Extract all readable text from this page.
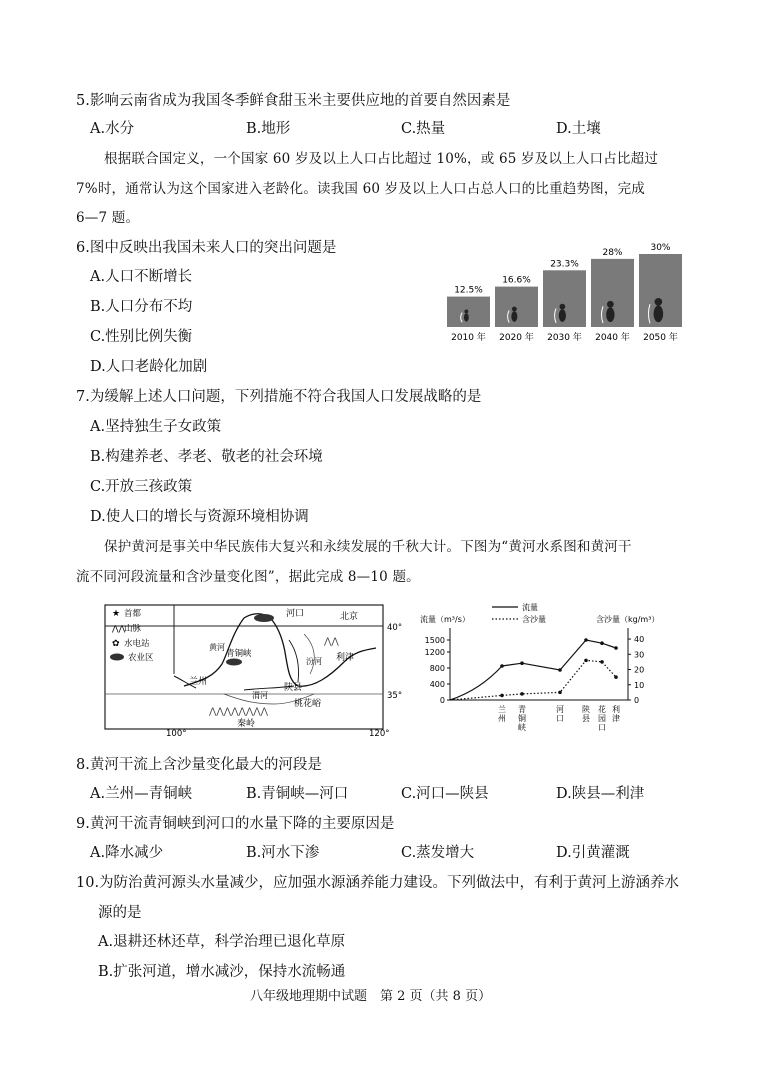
5.影响云南省成为我国冬季鲜食甜玉米主要供应地的首要自然因素是
A.水分	B.地形	C.热量	D.土壤
根据联合国定义，一个国家 60 岁及以上人口占比超过 10%，或 65 岁及以上人口占比超过
7%时，通常认为这个国家进入老龄化。读我国 60 岁及以上人口占总人口的比重趋势图，完成
6—7 题。
6.图中反映出我国未来人口的突出问题是
A.人口不断增长
B.人口分布不均
C.性别比例失衡
D.人口老龄化加剧
12.5%
2010 年
16.6%
2020 年
23.3%
2030 年
28%
2040 年
30%
2050 年
7.为缓解上述人口问题，下列措施不符合我国人口发展战略的是
A.坚持独生子女政策
B.构建养老、孝老、敬老的社会环境
C.开放三孩政策
D.使人口的增长与资源环境相协调
保护黄河是事关中华民族伟大复兴和永续发展的千秋大计。下图为“黄河水系图和黄河干
流不同河段流量和含沙量变化图”，据此完成 8—10 题。
★ 首都
⋀⋀
山脉
✿ 水电站
农业区
⋀⋀⋀⋀⋀⋀⋀⋀
⋀⋀
兰州
青铜峡
河口	北京
利津
陕县
桃花峪
秦岭
汾河
渭河
黄河
40°
35°
100°	120°
流量（m³/s）	含沙量（kg/m³）
1500
1200
800
400
0
40
30
20
10
0
流量
含沙量
兰州
青铜峡
河口
陕县
花园口
利津
8.黄河干流上含沙量变化最大的河段是
A.兰州—青铜峡	B.青铜峡—河口	C.河口—陕县	D.陕县—利津
9.黄河干流青铜峡到河口的水量下降的主要原因是
A.降水减少	B.河水下渗	C.蒸发增大	D.引黄灌溉
10.为防治黄河源头水量减少，应加强水源涵养能力建设。下列做法中，有利于黄河上游涵养水
源的是
A.退耕还林还草，科学治理已退化草原
B.扩张河道，增水减沙，保持水流畅通
八年级地理期中试题　第 2 页（共 8 页）
